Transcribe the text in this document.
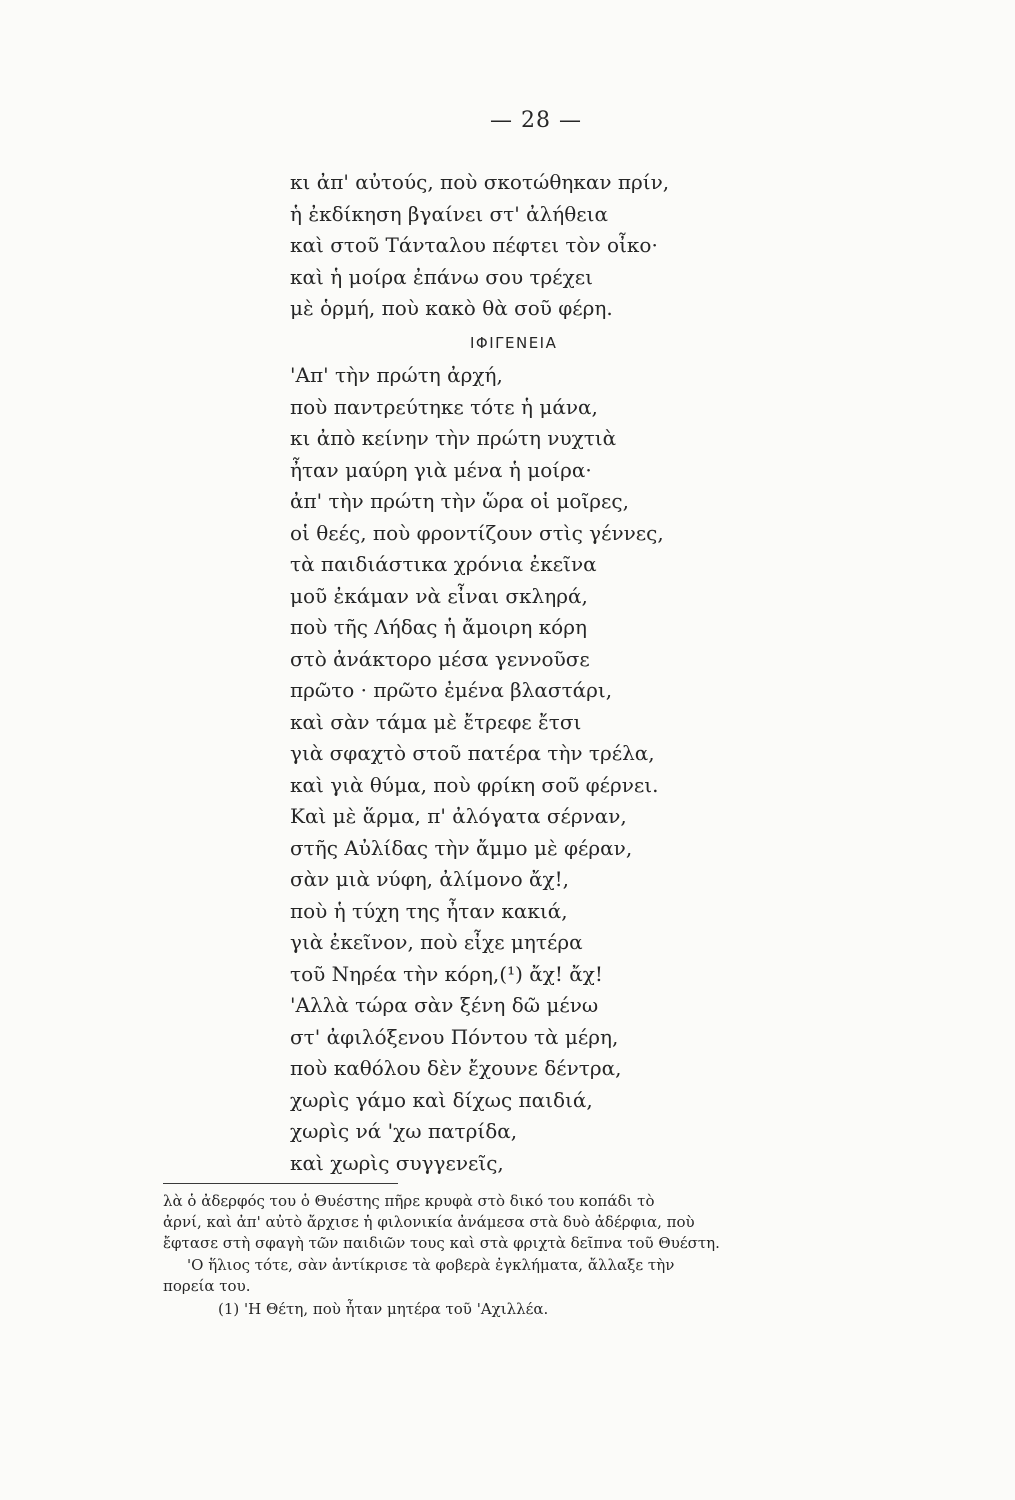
— 28 —

κι ἀπ' αὐτούς, ποὺ σκοτώθηκαν πρίν,
ἡ ἐκδίκηση βγαίνει στ' ἀλήθεια
καὶ στοῦ Τάνταλου πέφτει τὸν οἶκο·
καὶ ἡ μοίρα ἐπάνω σου τρέχει
μὲ ὁρμή, ποὺ κακὸ θὰ σοῦ φέρη.

ΙΦΙΓΕΝΕΙΑ

'Απ' τὴν πρώτη ἀρχή,
ποὺ παντρεύτηκε τότε ἡ μάνα,
κι ἀπὸ κείνην τὴν πρώτη νυχτιὰ
ἦταν μαύρη γιὰ μένα ἡ μοίρα·
ἀπ' τὴν πρώτη τὴν ὥρα οἱ μοῖρες,
οἱ θεές, ποὺ φροντίζουν στὶς γέννες,
τὰ παιδιάστικα χρόνια ἐκεῖνα
μοῦ ἐκάμαν νὰ εἶναι σκληρά,
ποὺ τῆς Λήδας ἡ ἄμοιρη κόρη
στὸ ἀνάκτορο μέσα γεννοῦσε
πρῶτο · πρῶτο ἐμένα βλαστάρι,
καὶ σὰν τάμα μὲ ἔτρεφε ἔτσι
γιὰ σφαχτὸ στοῦ πατέρα τὴν τρέλα,
καὶ γιὰ θύμα, ποὺ φρίκη σοῦ φέρνει.
Καὶ μὲ ἅρμα, π' ἀλόγατα σέρναν,
στῆς Αὐλίδας τὴν ἄμμο μὲ φέραν,
σὰν μιὰ νύφη, ἀλίμονο ἄχ!,
ποὺ ἡ τύχη της ἦταν κακιά,
γιὰ ἐκεῖνον, ποὺ εἶχε μητέρα
τοῦ Νηρέα τὴν κόρη,(¹) ἄχ! ἄχ!
'Αλλὰ τώρα σὰν ξένη δῶ μένω
στ' ἀφιλόξενου Πόντου τὰ μέρη,
ποὺ καθόλου δὲν ἔχουνε δέντρα,
χωρὶς γάμο καὶ δίχως παιδιά,
χωρὶς νά 'χω πατρίδα,
καὶ χωρὶς συγγενεῖς,

λὰ ὁ ἀδερφός του ὁ Θυέστης πῆρε κρυφὰ στὸ δικό του κοπάδι τὸ

ἀρνί, καὶ ἀπ' αὐτὸ ἄρχισε ἡ φιλονικία ἀνάμεσα στὰ δυὸ ἀδέρφια, ποὺ

ἔφτασε στὴ σφαγὴ τῶν παιδιῶν τους καὶ στὰ φριχτὰ δεῖπνα τοῦ Θυέστη.

'Ο ἥλιος τότε, σὰν ἀντίκρισε τὰ φοβερὰ ἐγκλήματα, ἄλλαξε τὴν

πορεία του.

(1) 'Η Θέτη, ποὺ ἦταν μητέρα τοῦ 'Αχιλλέα.
